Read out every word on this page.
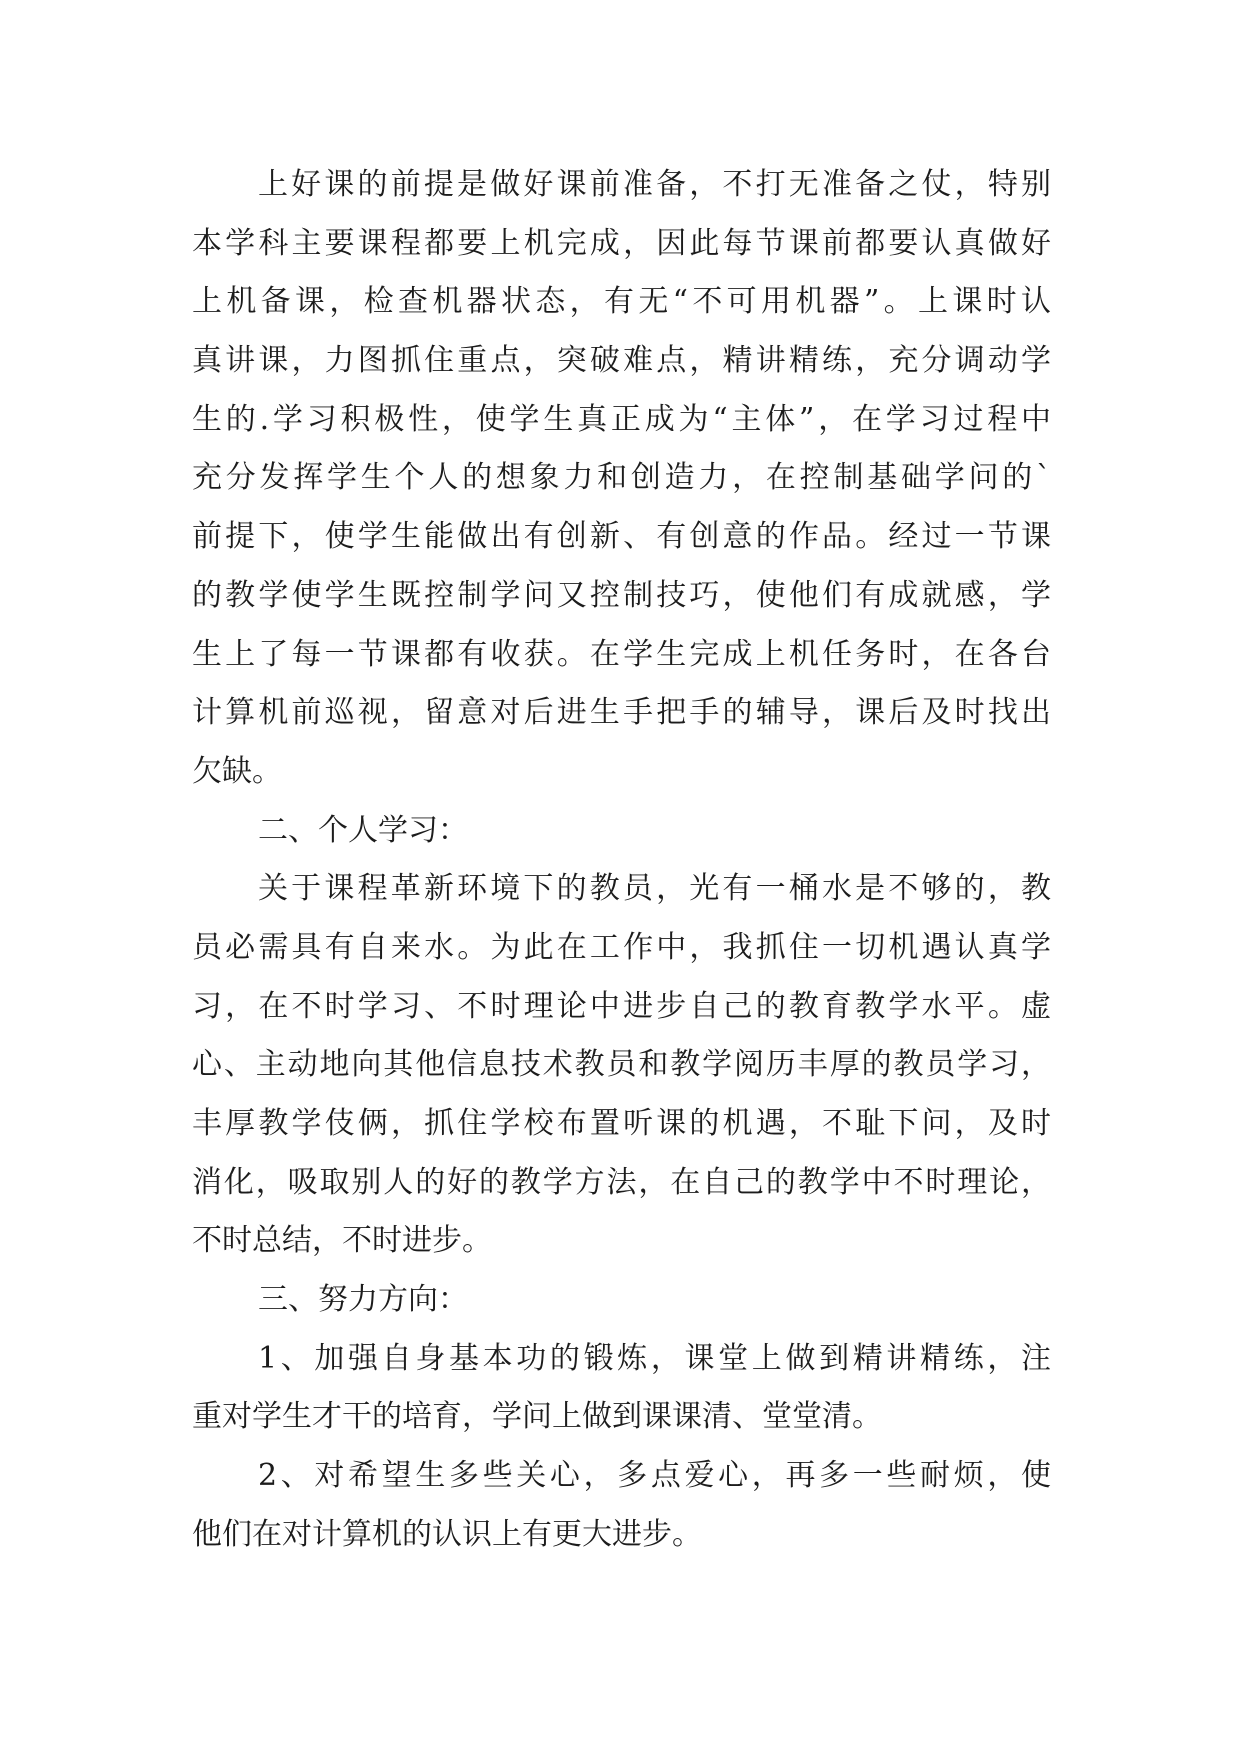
上好课的前提是做好课前准备，不打无准备之仗，特别
本学科主要课程都要上机完成，因此每节课前都要认真做好
上机备课，检查机器状态，有无“不可用机器”。上课时认
真讲课，力图抓住重点，突破难点，精讲精练，充分调动学
生的.学习积极性，使学生真正成为“主体”，在学习过程中
充分发挥学生个人的想象力和创造力，在控制基础学问的`
前提下，使学生能做出有创新、有创意的作品。经过一节课
的教学使学生既控制学问又控制技巧，使他们有成就感，学
生上了每一节课都有收获。在学生完成上机任务时，在各台
计算机前巡视，留意对后进生手把手的辅导，课后及时找出
欠缺。
二、个人学习：
关于课程革新环境下的教员，光有一桶水是不够的，教
员必需具有自来水。为此在工作中，我抓住一切机遇认真学
习，在不时学习、不时理论中进步自己的教育教学水平。虚
心、主动地向其他信息技术教员和教学阅历丰厚的教员学习，
丰厚教学伎俩，抓住学校布置听课的机遇，不耻下问，及时
消化，吸取别人的好的教学方法，在自己的教学中不时理论，
不时总结，不时进步。
三、努力方向：
1、加强自身基本功的锻炼，课堂上做到精讲精练，注
重对学生才干的培育，学问上做到课课清、堂堂清。
2、对希望生多些关心，多点爱心，再多一些耐烦，使
他们在对计算机的认识上有更大进步。
